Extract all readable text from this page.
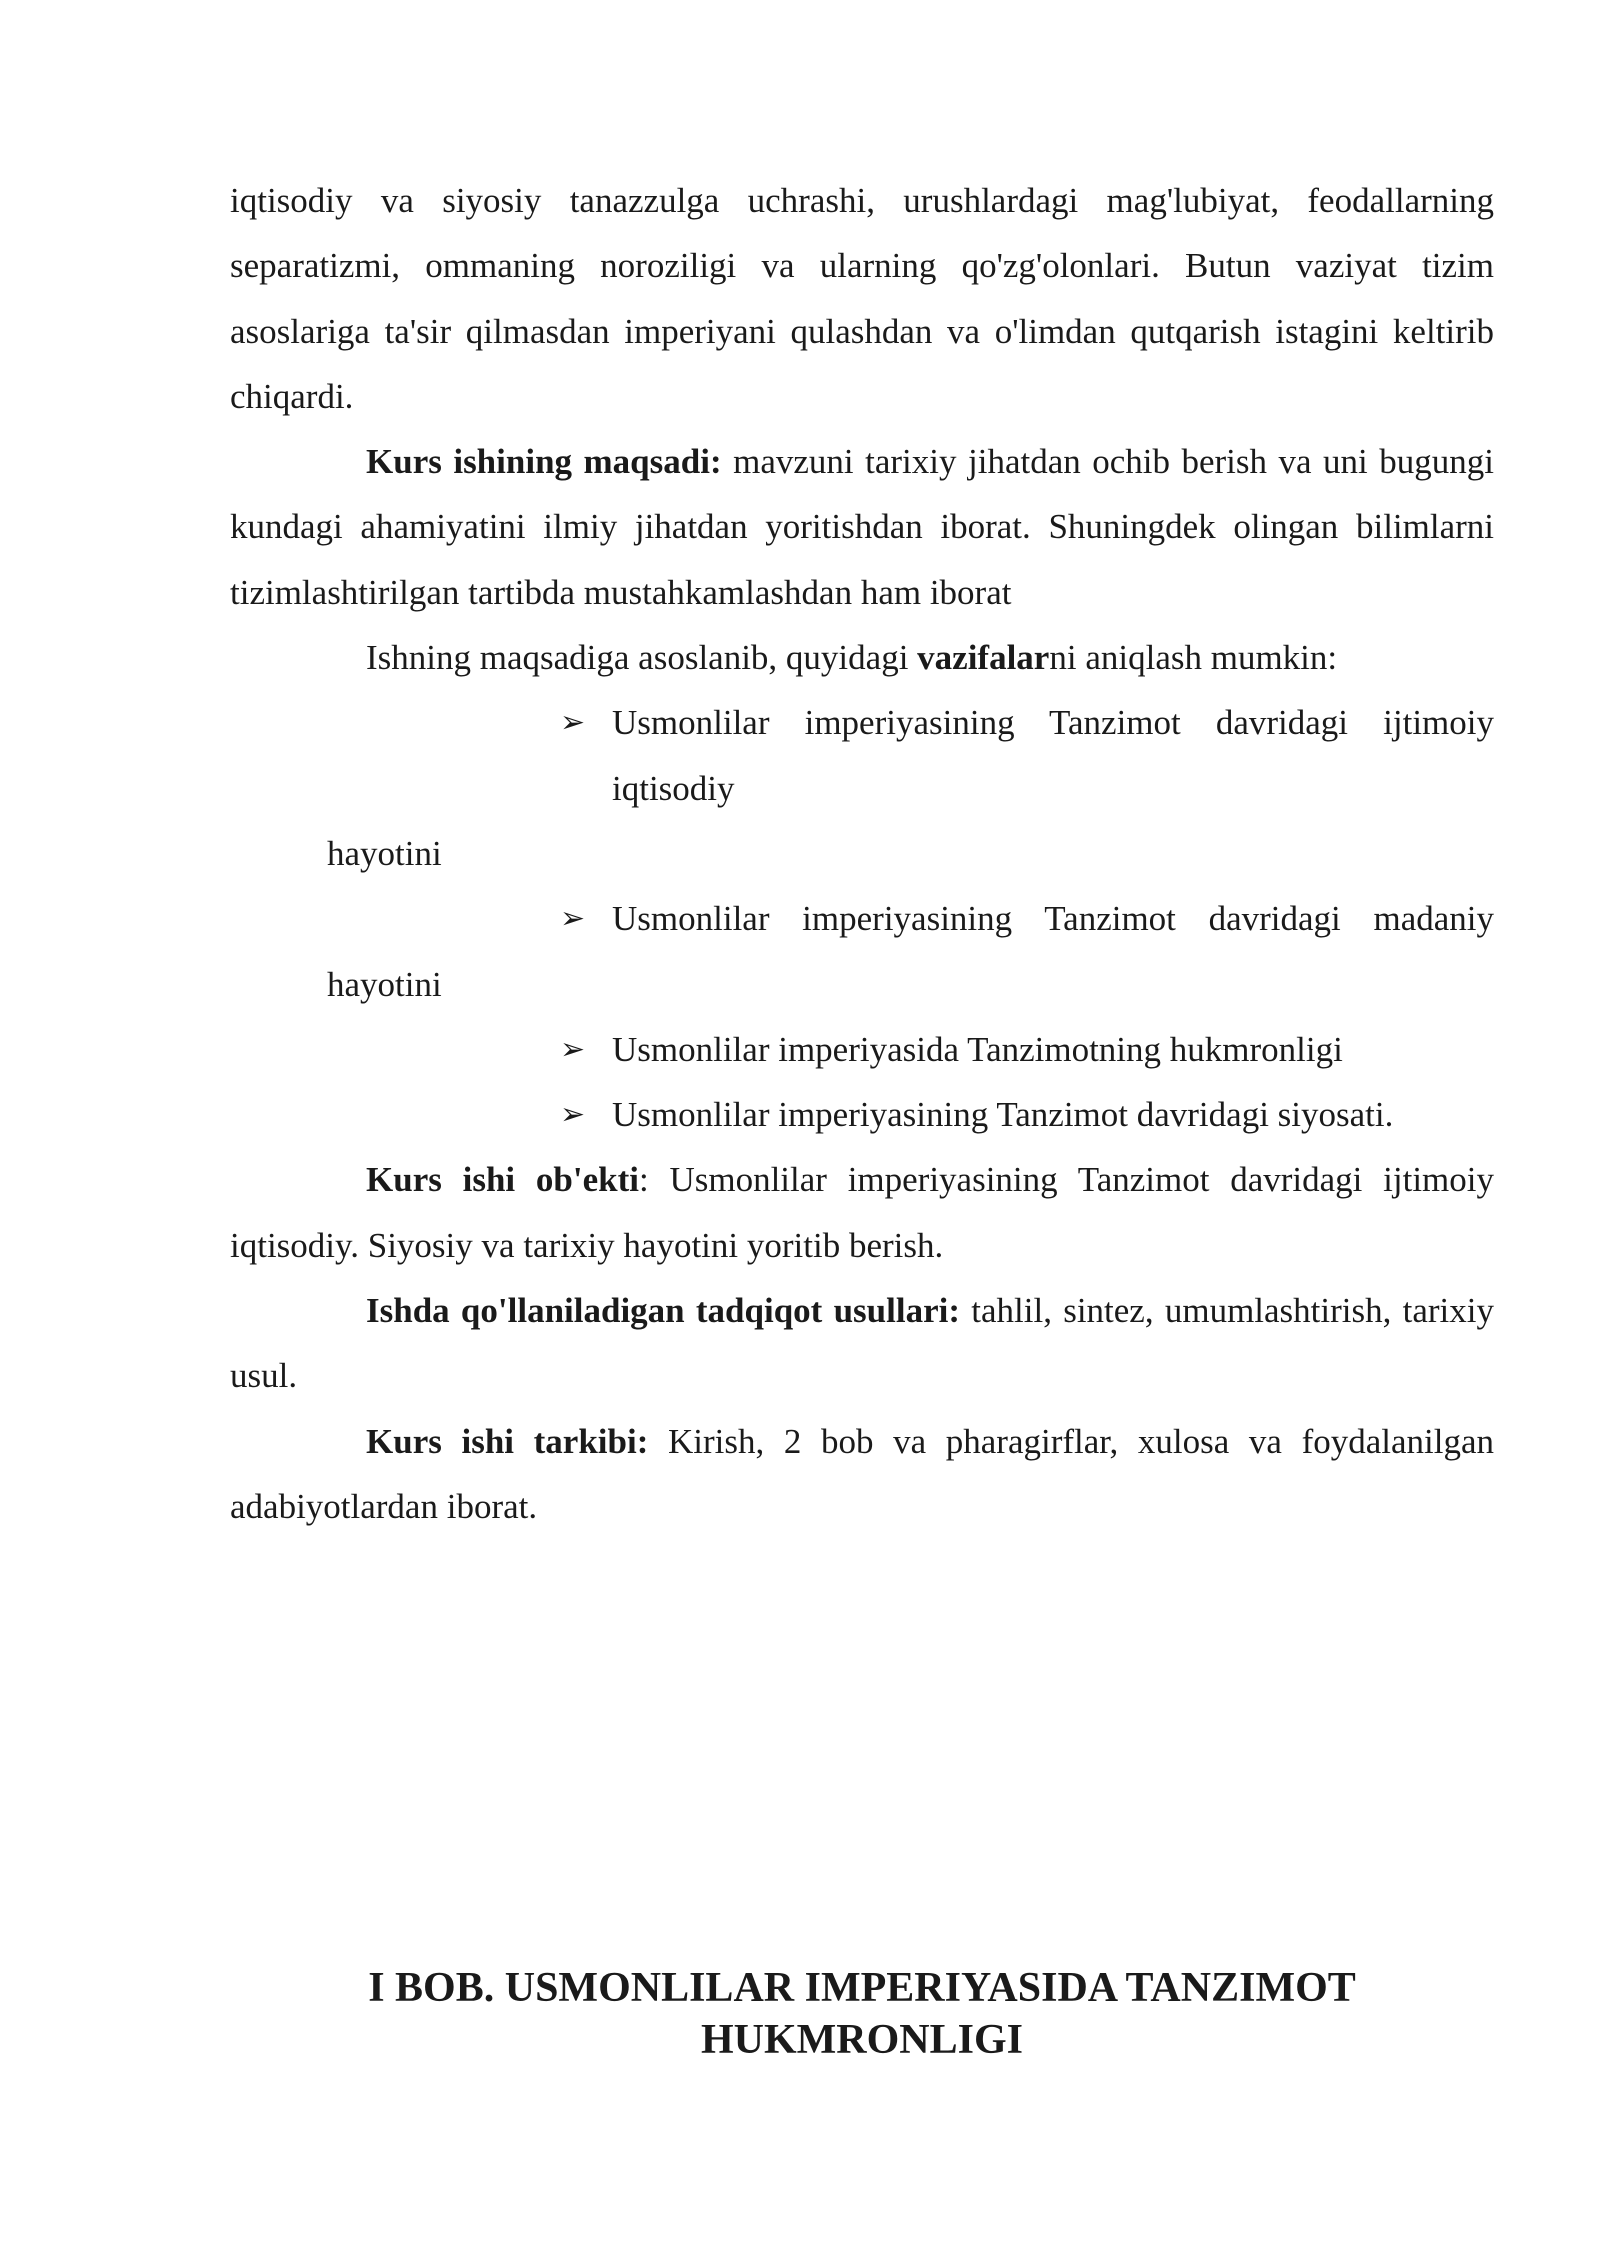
iqtisodiy va siyosiy tanazzulga uchrashi, urushlardagi mag'lubiyat, feodallarning separatizmi, ommaning noroziligi va ularning qo'zg'olonlari. Butun vaziyat tizim asoslariga ta'sir qilmasdan imperiyani qulashdan va o'limdan qutqarish istagini keltirib chiqardi.

Kurs ishining maqsadi: mavzuni tarixiy jihatdan ochib berish va uni bugungi kundagi ahamiyatini ilmiy jihatdan yoritishdan iborat. Shuningdek olingan bilimlarni tizimlashtirilgan tartibda mustahkamlashdan ham iborat

Ishning maqsadiga asoslanib, quyidagi vazifalarni aniqlash mumkin:

➢ Usmonlilar imperiyasining Tanzimot davridagi ijtimoiy iqtisodiy
hayotini
➢ Usmonlilar imperiyasining Tanzimot davridagi madaniy
hayotini
➢ Usmonlilar imperiyasida Tanzimotning hukmronligi
➢ Usmonlilar imperiyasining Tanzimot davridagi siyosati.

Kurs ishi ob'ekti: Usmonlilar imperiyasining Tanzimot davridagi ijtimoiy iqtisodiy. Siyosiy va tarixiy hayotini yoritib berish.

Ishda qo'llaniladigan tadqiqot usullari: tahlil, sintez, umumlashtirish, tarixiy usul.

Kurs ishi tarkibi: Kirish, 2 bob va pharagirflar, xulosa va foydalanilgan adabiyotlardan iborat.

I BOB. USMONLILAR IMPERIYASIDA TANZIMOT
HUKMRONLIGI
